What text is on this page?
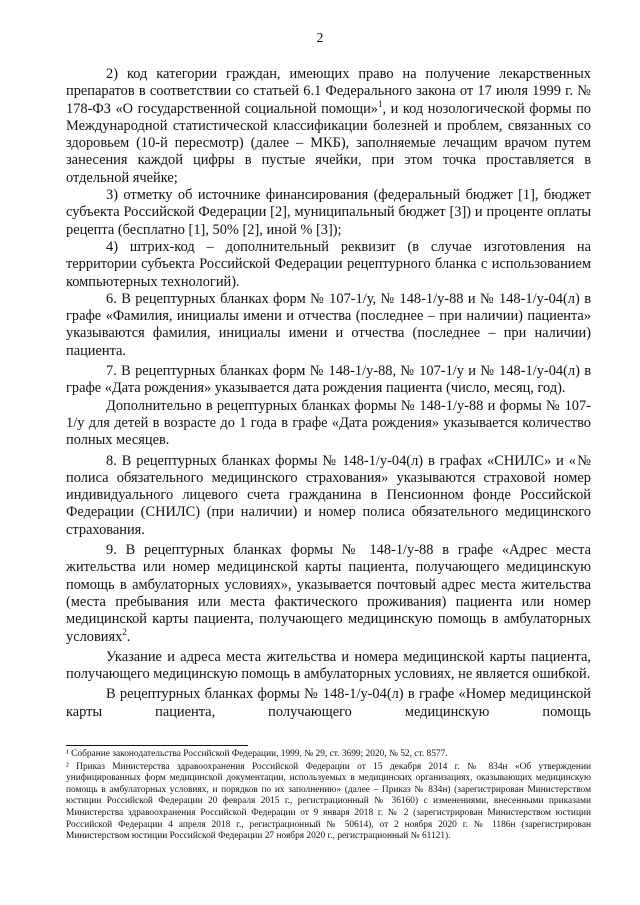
2

2) код категории граждан, имеющих право на получение лекарственных препаратов в соответствии со статьей 6.1 Федерального закона от 17 июля 1999 г. № 178-ФЗ «О государственной социальной помощи»$^1$, и код нозологической формы по Международной статистической классификации болезней и проблем, связанных со здоровьем (10-й пересмотр) (далее – МКБ), заполняемые лечащим врачом путем занесения каждой цифры в пустые ячейки, при этом точка проставляется в отдельной ячейке;

3) отметку об источнике финансирования (федеральный бюджет [1], бюджет субъекта Российской Федерации [2], муниципальный бюджет [3]) и проценте оплаты рецепта (бесплатно [1], 50% [2], иной % [3]);

4) штрих-код – дополнительный реквизит (в случае изготовления на территории субъекта Российской Федерации рецептурного бланка с использованием компьютерных технологий).

6. В рецептурных бланках форм № 107-1/у, № 148-1/у-88 и № 148-1/у-04(л) в графе «Фамилия, инициалы имени и отчества (последнее – при наличии) пациента» указываются фамилия, инициалы имени и отчества (последнее – при наличии) пациента.

7. В рецептурных бланках форм № 148-1/у-88, № 107-1/у и № 148-1/у-04(л) в графе «Дата рождения» указывается дата рождения пациента (число, месяц, год).

Дополнительно в рецептурных бланках формы № 148-1/у-88 и формы № 107-1/у для детей в возрасте до 1 года в графе «Дата рождения» указывается количество полных месяцев.

8. В рецептурных бланках формы № 148-1/у-04(л) в графах «СНИЛС» и «№ полиса обязательного медицинского страхования» указываются страховой номер индивидуального лицевого счета гражданина в Пенсионном фонде Российской Федерации (СНИЛС) (при наличии) и номер полиса обязательного медицинского страхования.

9. В рецептурных бланках формы № 148-1/у-88 в графе «Адрес места жительства или номер медицинской карты пациента, получающего медицинскую помощь в амбулаторных условиях», указывается почтовый адрес места жительства (места пребывания или места фактического проживания) пациента или номер медицинской карты пациента, получающего медицинскую помощь в амбулаторных условиях$^2$.

Указание и адреса места жительства и номера медицинской карты пациента, получающего медицинскую помощь в амбулаторных условиях, не является ошибкой.

В рецептурных бланках формы № 148-1/у-04(л) в графе «Номер медицинской карты пациента, получающего медицинскую помощь

¹ Собрание законодательства Российской Федерации, 1999, № 29, ст. 3699; 2020, № 52, ст. 8577.

² Приказ Министерства здравоохранения Российской Федерации от 15 декабря 2014 г. № 834н «Об утверждении унифицированных форм медицинской документации, используемых в медицинских организациях, оказывающих медицинскую помощь в амбулаторных условиях, и порядков по их заполнению» (далее – Приказ № 834н) (зарегистрирован Министерством юстиции Российской Федерации 20 февраля 2015 г., регистрационный № 36160) с изменениями, внесенными приказами Министерства здравоохранения Российской Федерации от 9 января 2018 г. № 2 (зарегистрирован Министерством юстиции Российской Федерации 4 апреля 2018 г., регистрационный № 50614), от 2 ноября 2020 г. № 1186н (зарегистрирован Министерством юстиции Российской Федерации 27 ноября 2020 г., регистрационный № 61121).
